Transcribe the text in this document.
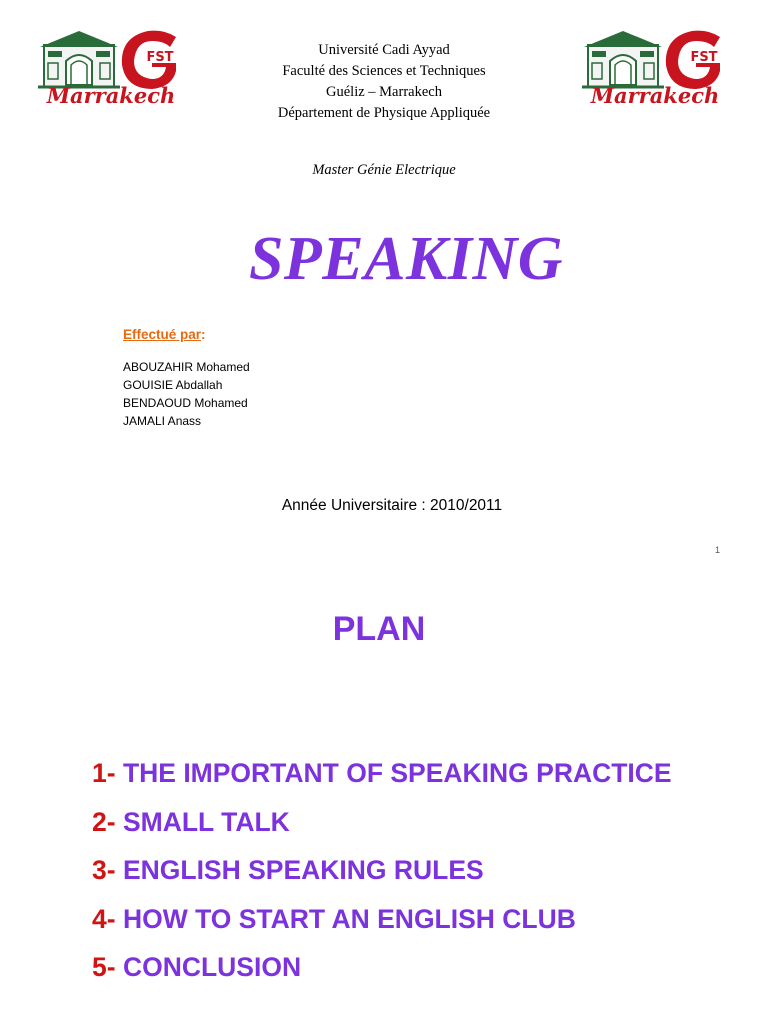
FST
Marrakech
FST
Marrakech
Université Cadi Ayyad
Faculté des Sciences et Techniques
Guéliz – Marrakech
Département de Physique Appliquée
Master Génie Electrique
SPEAKING
Effectué par:
ABOUZAHIR Mohamed
GOUISIE Abdallah
BENDAOUD Mohamed
JAMALI Anass
Année Universitaire : 2010/2011
1
PLAN
1- THE IMPORTANT OF SPEAKING PRACTICE
2- SMALL TALK
3- ENGLISH SPEAKING RULES
4- HOW TO START AN ENGLISH CLUB
5- CONCLUSION
